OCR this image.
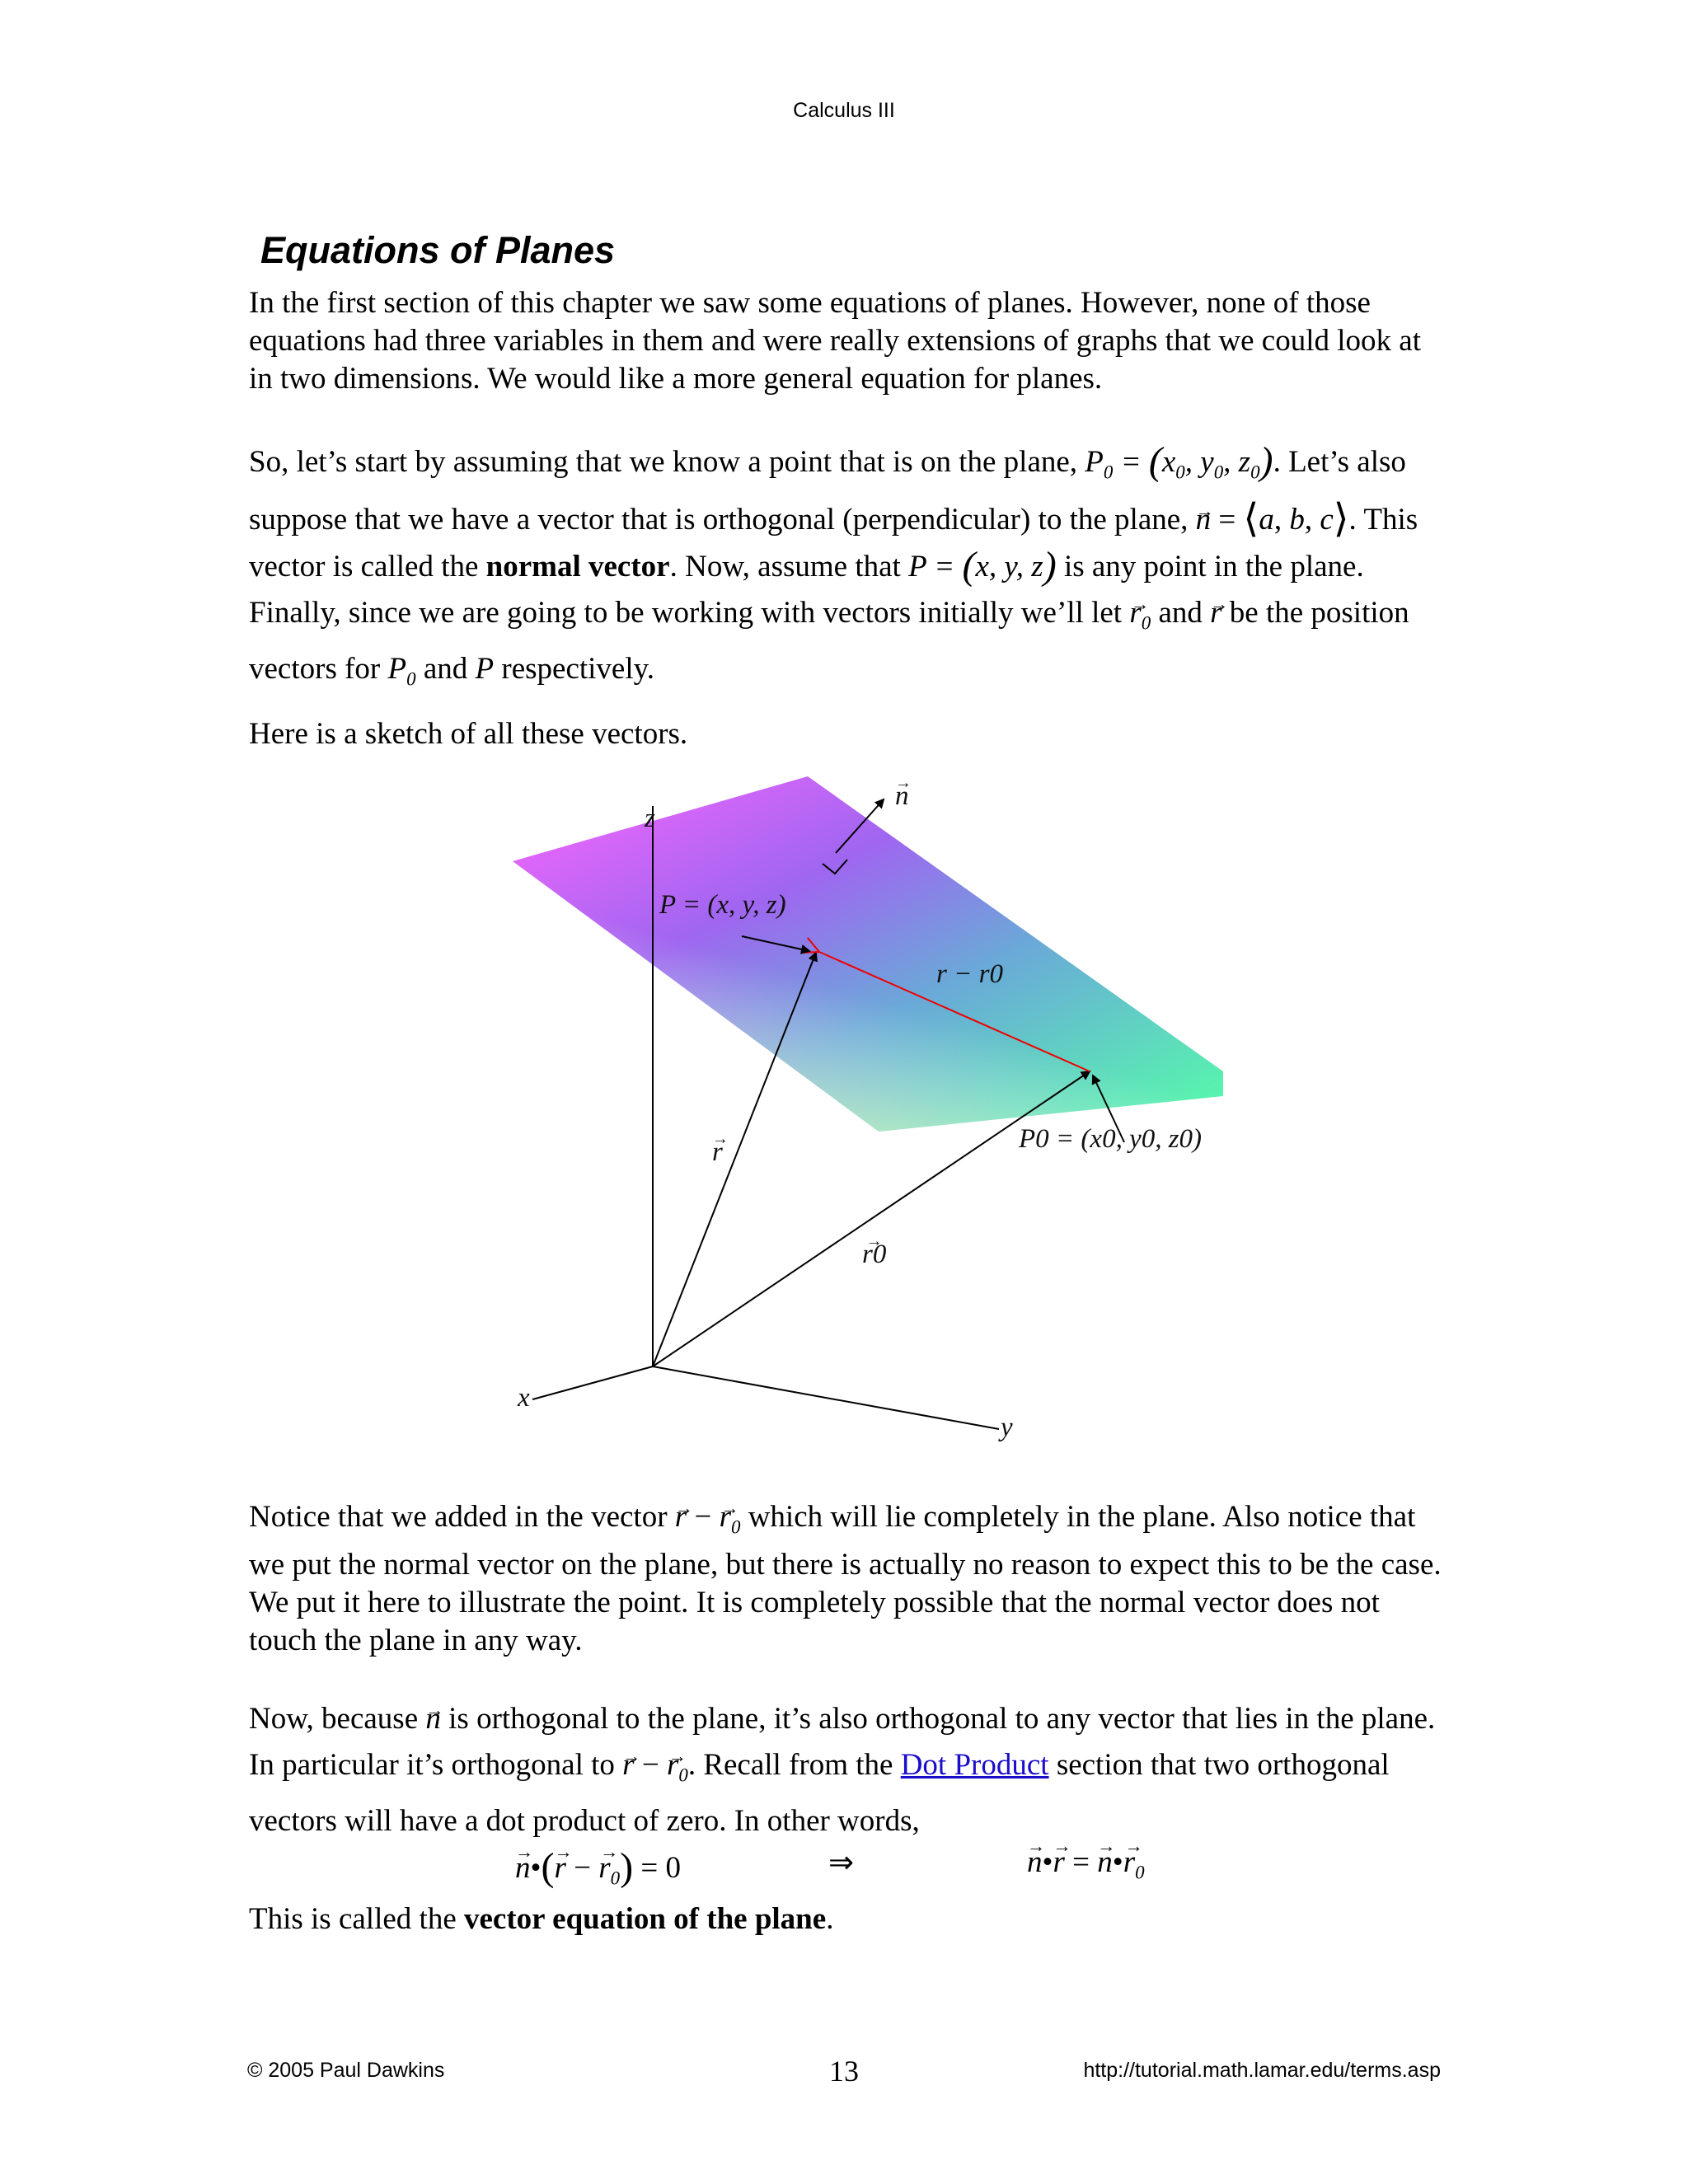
Calculus III
Equations of Planes

In the first section of this chapter we saw some equations of planes. However, none of those equations had three variables in them and were really extensions of graphs that we could look at in two dimensions. We would like a more general equation for planes.

So, let’s start by assuming that we know a point that is on the plane, $P_0 = (x_0$, $y_0$, $z_0$). Let’s also suppose that we have a vector that is orthogonal (perpendicular) to the plane, → n = ⟨a, b, c⟩. This vector is called the normal vector. Now, assume that P = (x, y, z) is any point in the plane. Finally, since we are going to be working with vectors initially we’ll let → $r_0$ and → r be the position vectors for $P_0$ and P respectively.

Here is a sketch of all these vectors.

z
x
y
→ n
P = (x, y, z)
→ r
→ r0
r − r0
P0 = (x0, y0, z0)

Notice that we added in the vector → r − → $r_0$ which will lie completely in the plane. Also notice that we put the normal vector on the plane, but there is actually no reason to expect this to be the case. We put it here to illustrate the point. It is completely possible that the normal vector does not touch the plane in any way.

Now, because → n is orthogonal to the plane, it’s also orthogonal to any vector that lies in the plane. In particular it’s orthogonal to → r − → $r_0$. Recall from the Dot Product section that two orthogonal vectors will have a dot product of zero. In other words,

→ n•(→ r − → $r_0) = 0$	⇒	→ n•→ r = → n•→ $r_0$

This is called the vector equation of the plane.

© 2005 Paul Dawkins	13	http://tutorial.math.lamar.edu/terms.asp
